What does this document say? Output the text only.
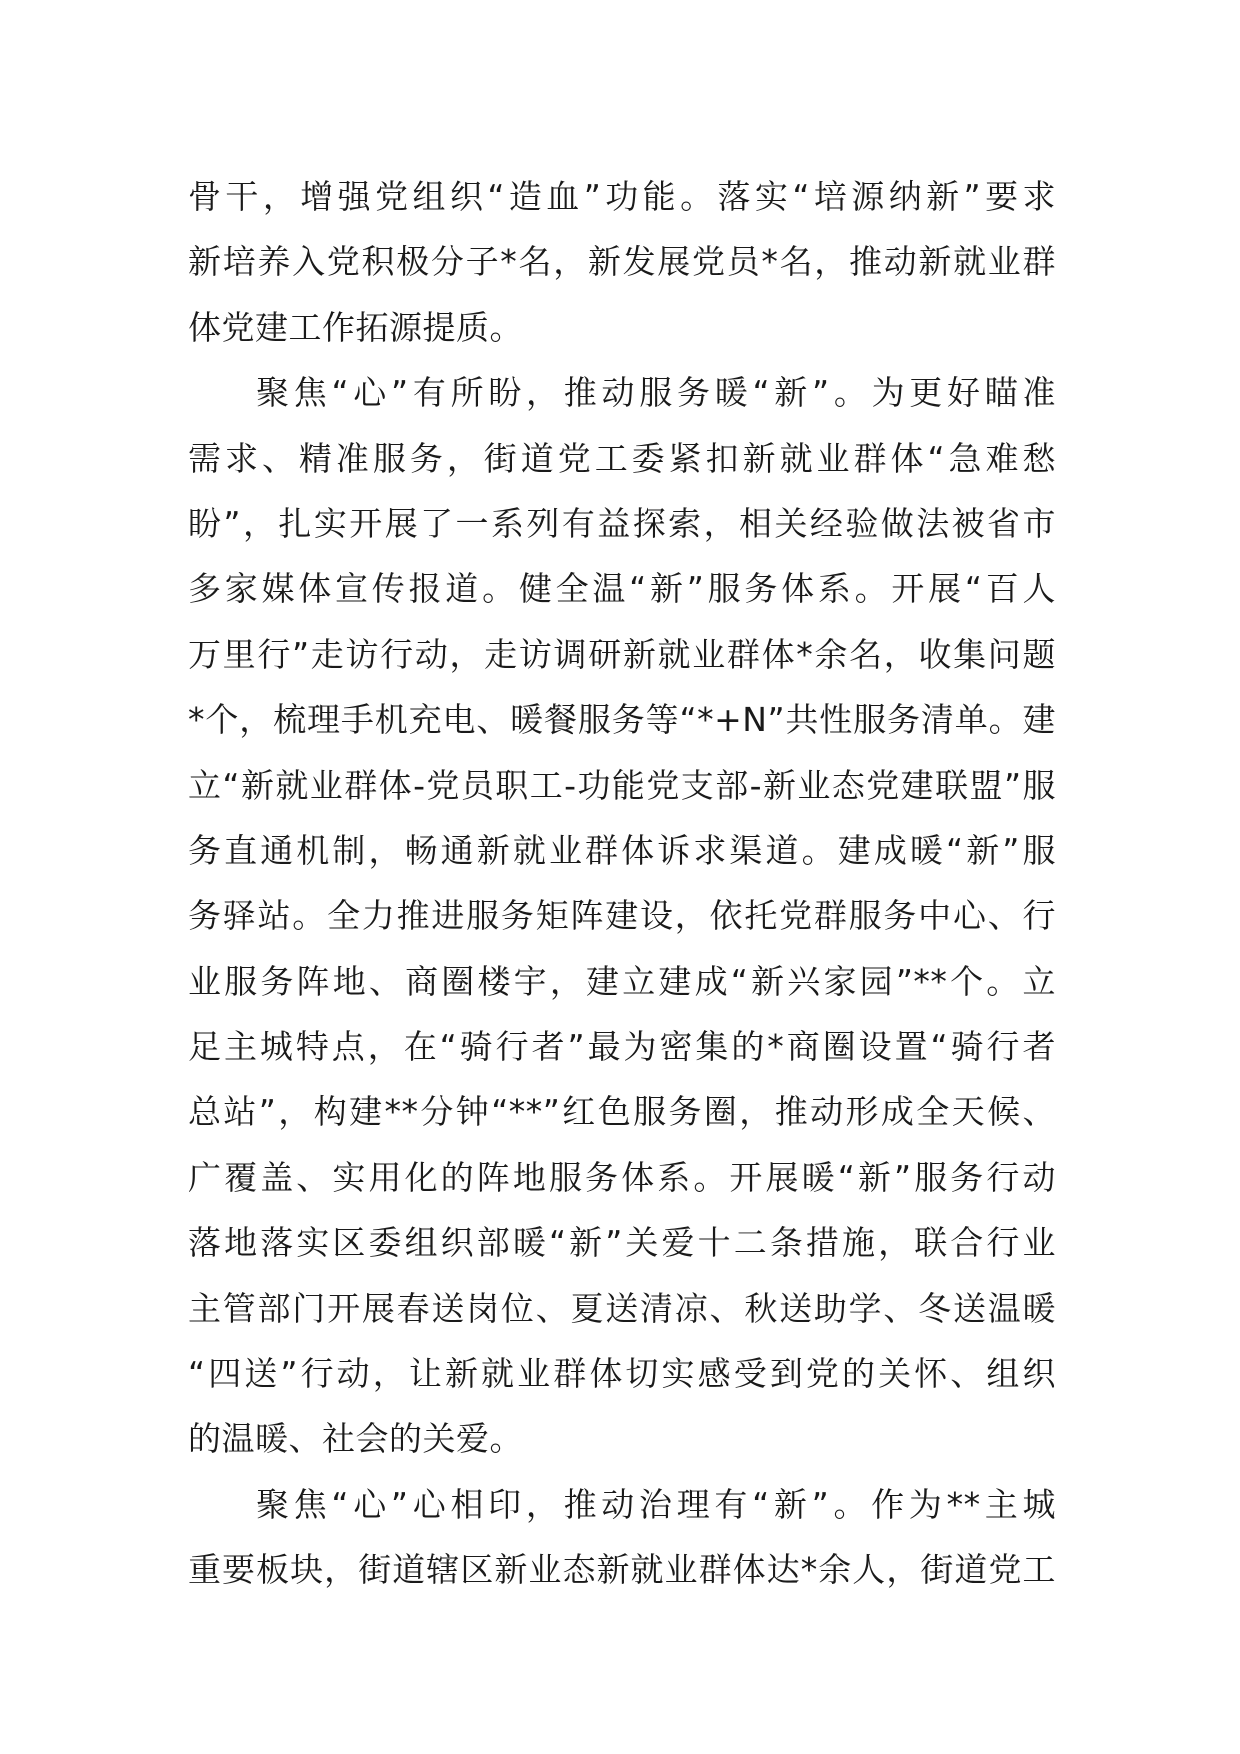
骨干，增强党组织“造血”功能。落实“培源纳新”要求
新培养入党积极分子*名，新发展党员*名，推动新就业群
体党建工作拓源提质。
聚焦“心”有所盼，推动服务暖“新”。为更好瞄准
需求、精准服务，街道党工委紧扣新就业群体“急难愁
盼”，扎实开展了一系列有益探索，相关经验做法被省市
多家媒体宣传报道。健全温“新”服务体系。开展“百人
万里行”走访行动，走访调研新就业群体*余名，收集问题
*个，梳理手机充电、暖餐服务等“*+N”共性服务清单。建
立“新就业群体-党员职工-功能党支部-新业态党建联盟”服
务直通机制，畅通新就业群体诉求渠道。建成暖“新”服
务驿站。全力推进服务矩阵建设，依托党群服务中心、行
业服务阵地、商圈楼宇，建立建成“新兴家园”**个。立
足主城特点，在“骑行者”最为密集的*商圈设置“骑行者
总站”，构建**分钟“**”红色服务圈，推动形成全天候、
广覆盖、实用化的阵地服务体系。开展暖“新”服务行动
落地落实区委组织部暖“新”关爱十二条措施，联合行业
主管部门开展春送岗位、夏送清凉、秋送助学、冬送温暖
“四送”行动，让新就业群体切实感受到党的关怀、组织
的温暖、社会的关爱。
聚焦“心”心相印，推动治理有“新”。作为**主城
重要板块，街道辖区新业态新就业群体达*余人，街道党工
